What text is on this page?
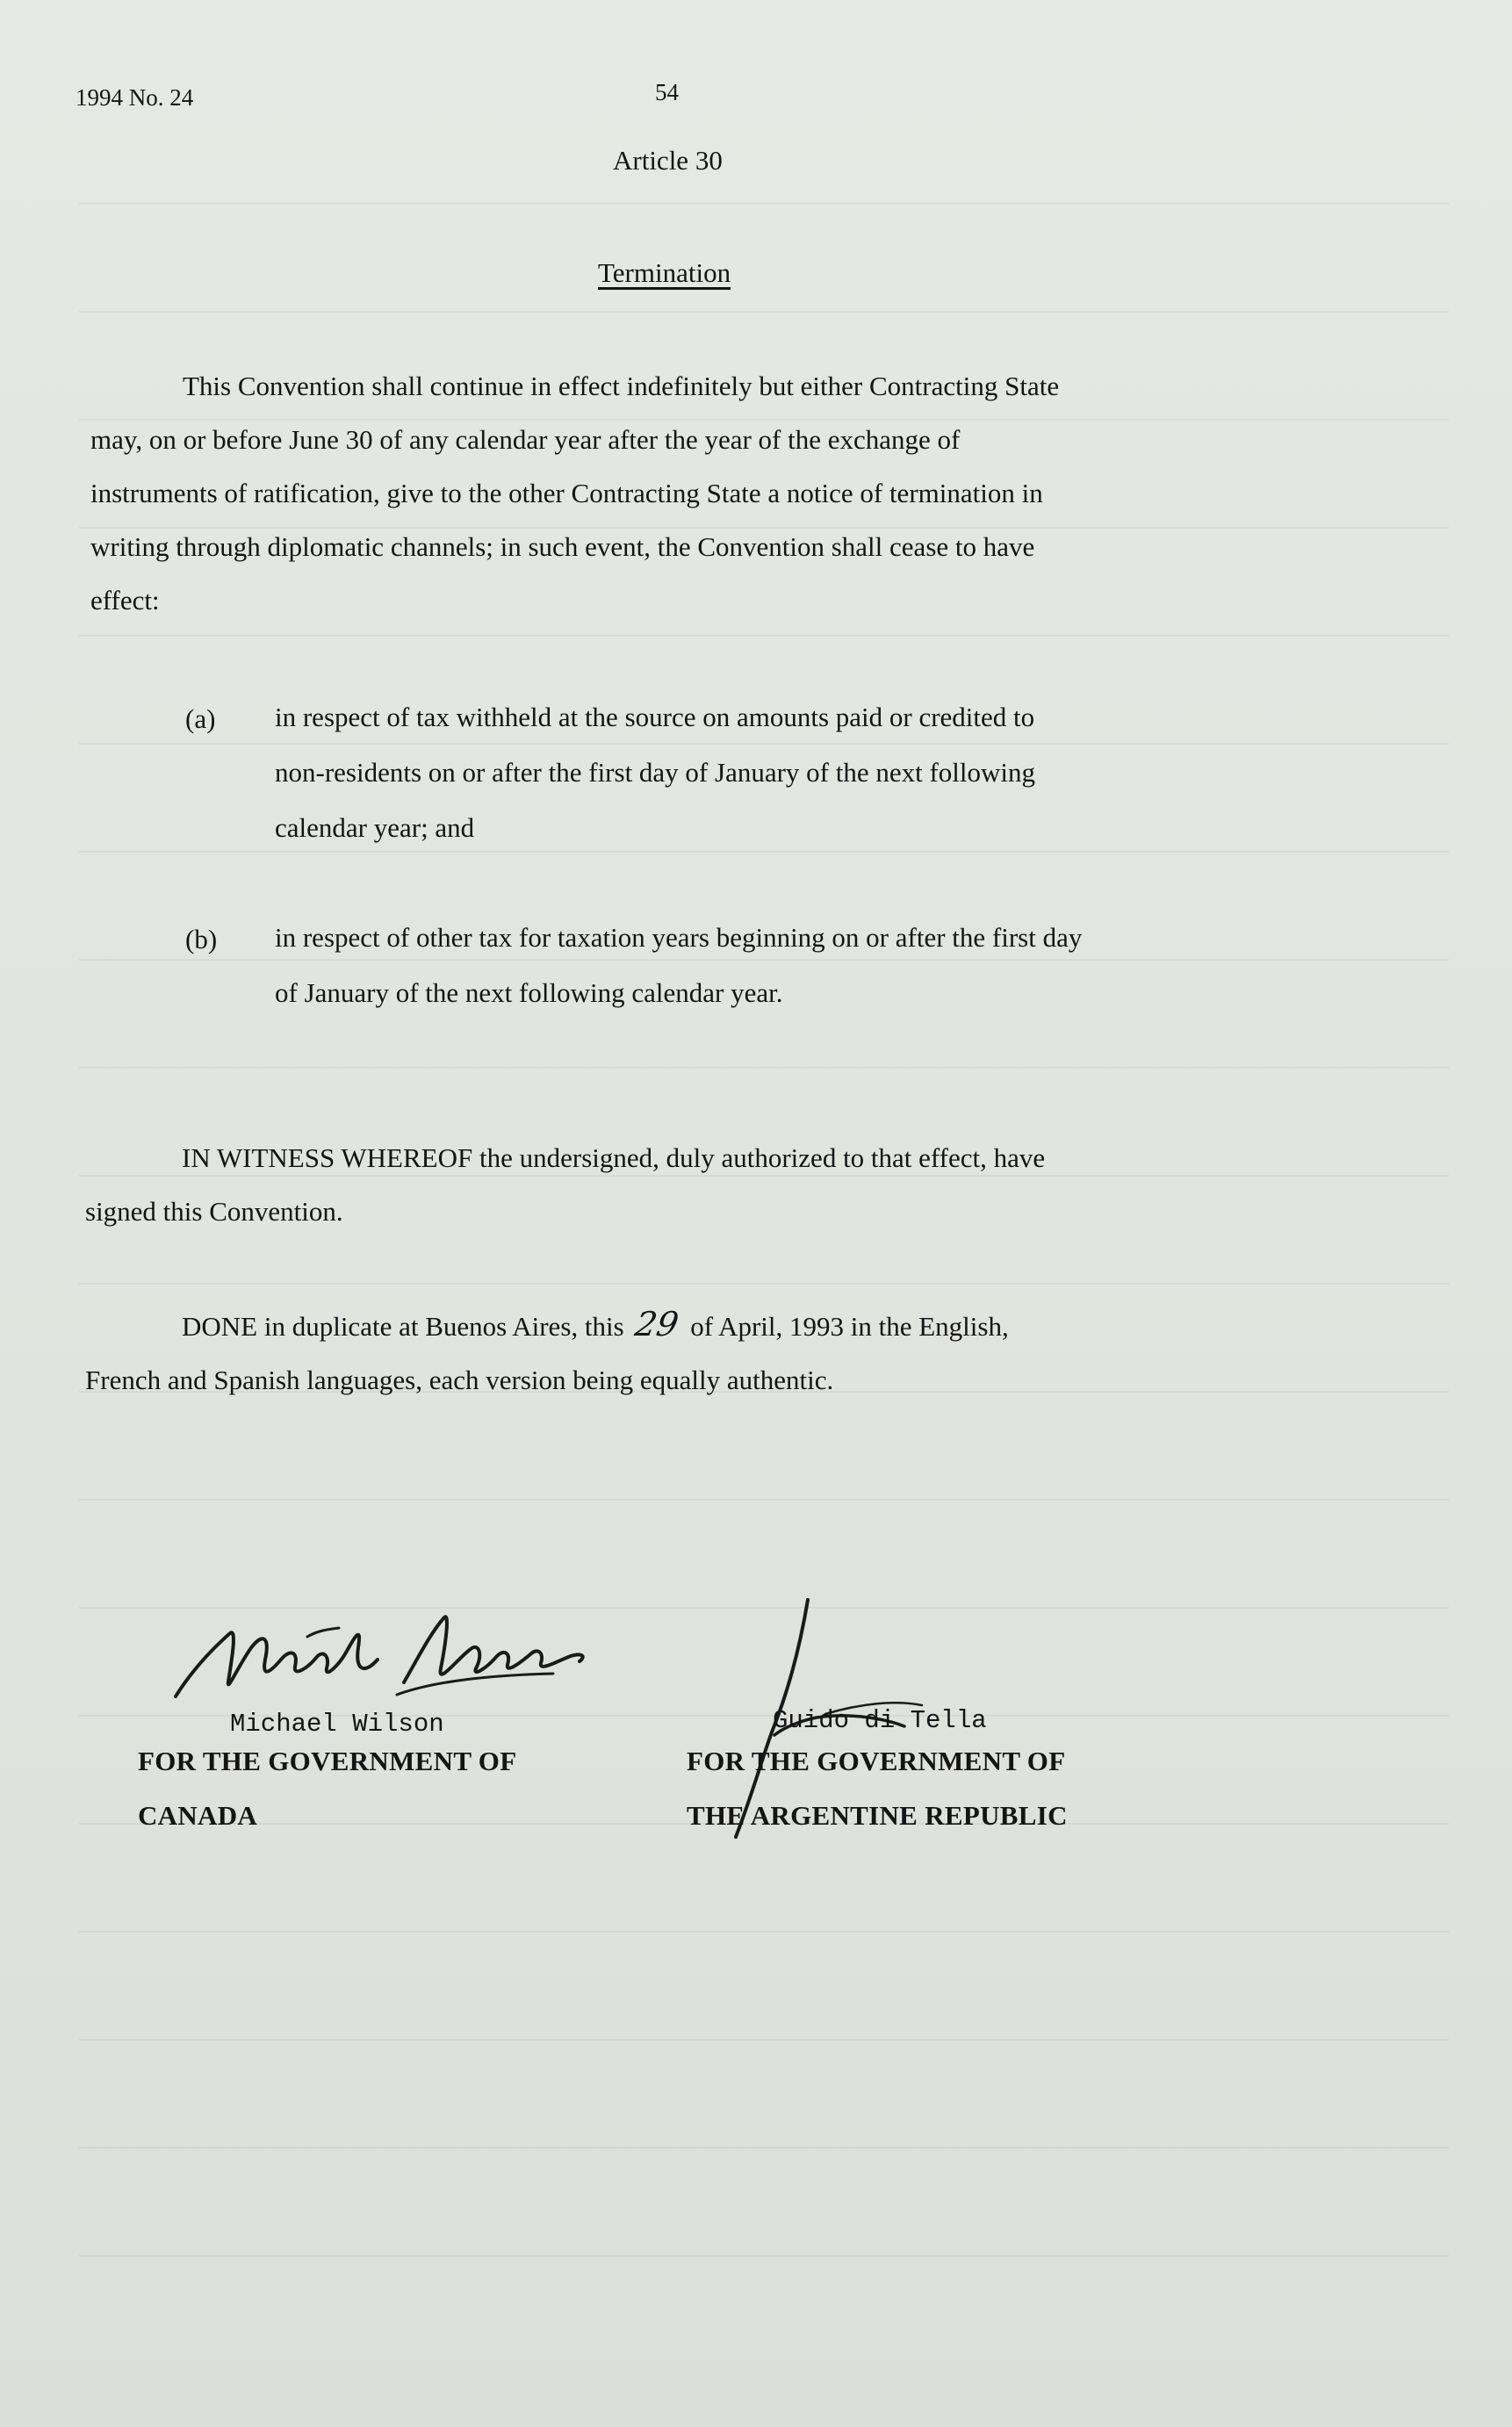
1994 No. 24	54
Article 30
Termination
This Convention shall continue in effect indefinitely but either Contracting State
may, on or before June 30 of any calendar year after the year of the exchange of
instruments of ratification, give to the other Contracting State a notice of termination in
writing through diplomatic channels; in such event, the Convention shall cease to have
effect:
(a) in respect of tax withheld at the source on amounts paid or credited to
non-residents on or after the first day of January of the next following
calendar year; and
(b) in respect of other tax for taxation years beginning on or after the first day
of January of the next following calendar year.
IN WITNESS WHEREOF the undersigned, duly authorized to that effect, have
signed this Convention.
DONE in duplicate at Buenos Aires, this 29 of April, 1993 in the English,
French and Spanish languages, each version being equally authentic.
Michael Wilson
FOR THE GOVERNMENT OF
CANADA
Guido di Tella
FOR THE GOVERNMENT OF
THE ARGENTINE REPUBLIC
